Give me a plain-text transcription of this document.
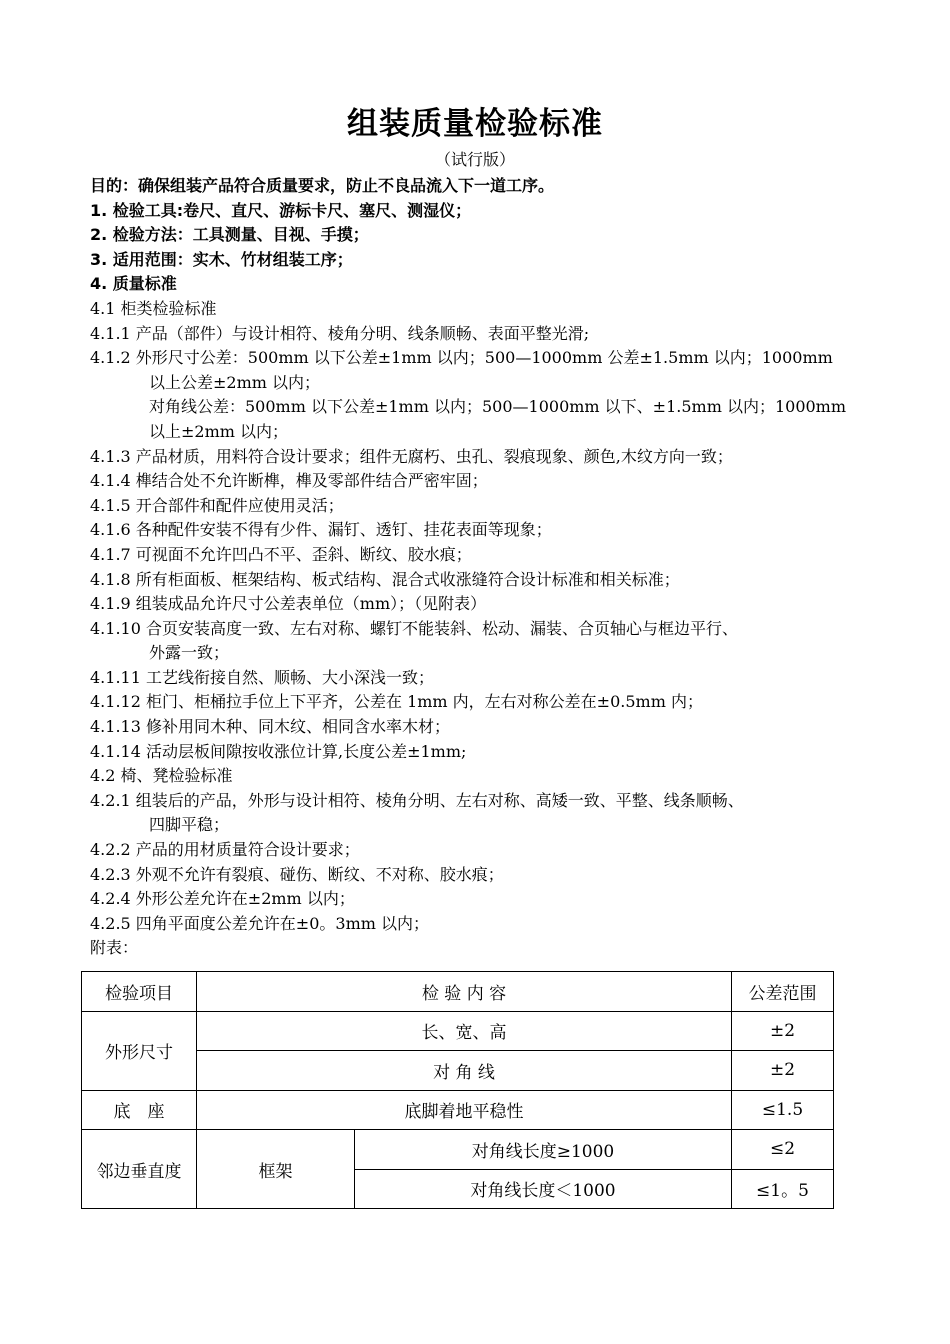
组装质量检验标准
（试行版）
目的：确保组装产品符合质量要求，防止不良品流入下一道工序。
1. 检验工具:卷尺、直尺、游标卡尺、塞尺、测湿仪；
2. 检验方法：工具测量、目视、手摸；
3. 适用范围：实木、竹材组装工序；
4. 质量标准
4.1 柜类检验标准
4.1.1 产品（部件）与设计相符、棱角分明、线条顺畅、表面平整光滑;
4.1.2 外形尺寸公差：500mm 以下公差±1mm 以内；500—1000mm 公差±1.5mm 以内；1000mm
以上公差±2mm 以内；
对角线公差：500mm 以下公差±1mm 以内；500—1000mm 以下、±1.5mm 以内；1000mm
以上±2mm 以内；
4.1.3 产品材质，用料符合设计要求；组件无腐朽、虫孔、裂痕现象、颜色,木纹方向一致；
4.1.4 榫结合处不允许断榫，榫及零部件结合严密牢固；
4.1.5 开合部件和配件应使用灵活；
4.1.6 各种配件安装不得有少件、漏钉、透钉、挂花表面等现象；
4.1.7 可视面不允许凹凸不平、歪斜、断纹、胶水痕；
4.1.8 所有柜面板、框架结构、板式结构、混合式收涨缝符合设计标准和相关标准；
4.1.9 组装成品允许尺寸公差表单位（mm）；（见附表）
4.1.10 合页安装高度一致、左右对称、螺钉不能装斜、松动、漏装、合页轴心与框边平行、
外露一致；
4.1.11 工艺线衔接自然、顺畅、大小深浅一致；
4.1.12 柜门、柜桶拉手位上下平齐，公差在 1mm 内，左右对称公差在±0.5mm 内；
4.1.13 修补用同木种、同木纹、相同含水率木材；
4.1.14 活动层板间隙按收涨位计算,长度公差±1mm;
4.2 椅、凳检验标准
4.2.1 组装后的产品，外形与设计相符、棱角分明、左右对称、高矮一致、平整、线条顺畅、
四脚平稳；
4.2.2 产品的用材质量符合设计要求；
4.2.3 外观不允许有裂痕、碰伤、断纹、不对称、胶水痕；
4.2.4 外形公差允许在±2mm 以内；
4.2.5 四角平面度公差允许在±0。3mm 以内；
附表：
检验项目	检 验 内 容		公差范围
外形尺寸	长、宽、高		±2
	对 角 线		±2
底　座	底脚着地平稳性		≤1.5
邻边垂直度	框架	对角线长度≥1000	≤2
		对角线长度＜1000	≤1。5
